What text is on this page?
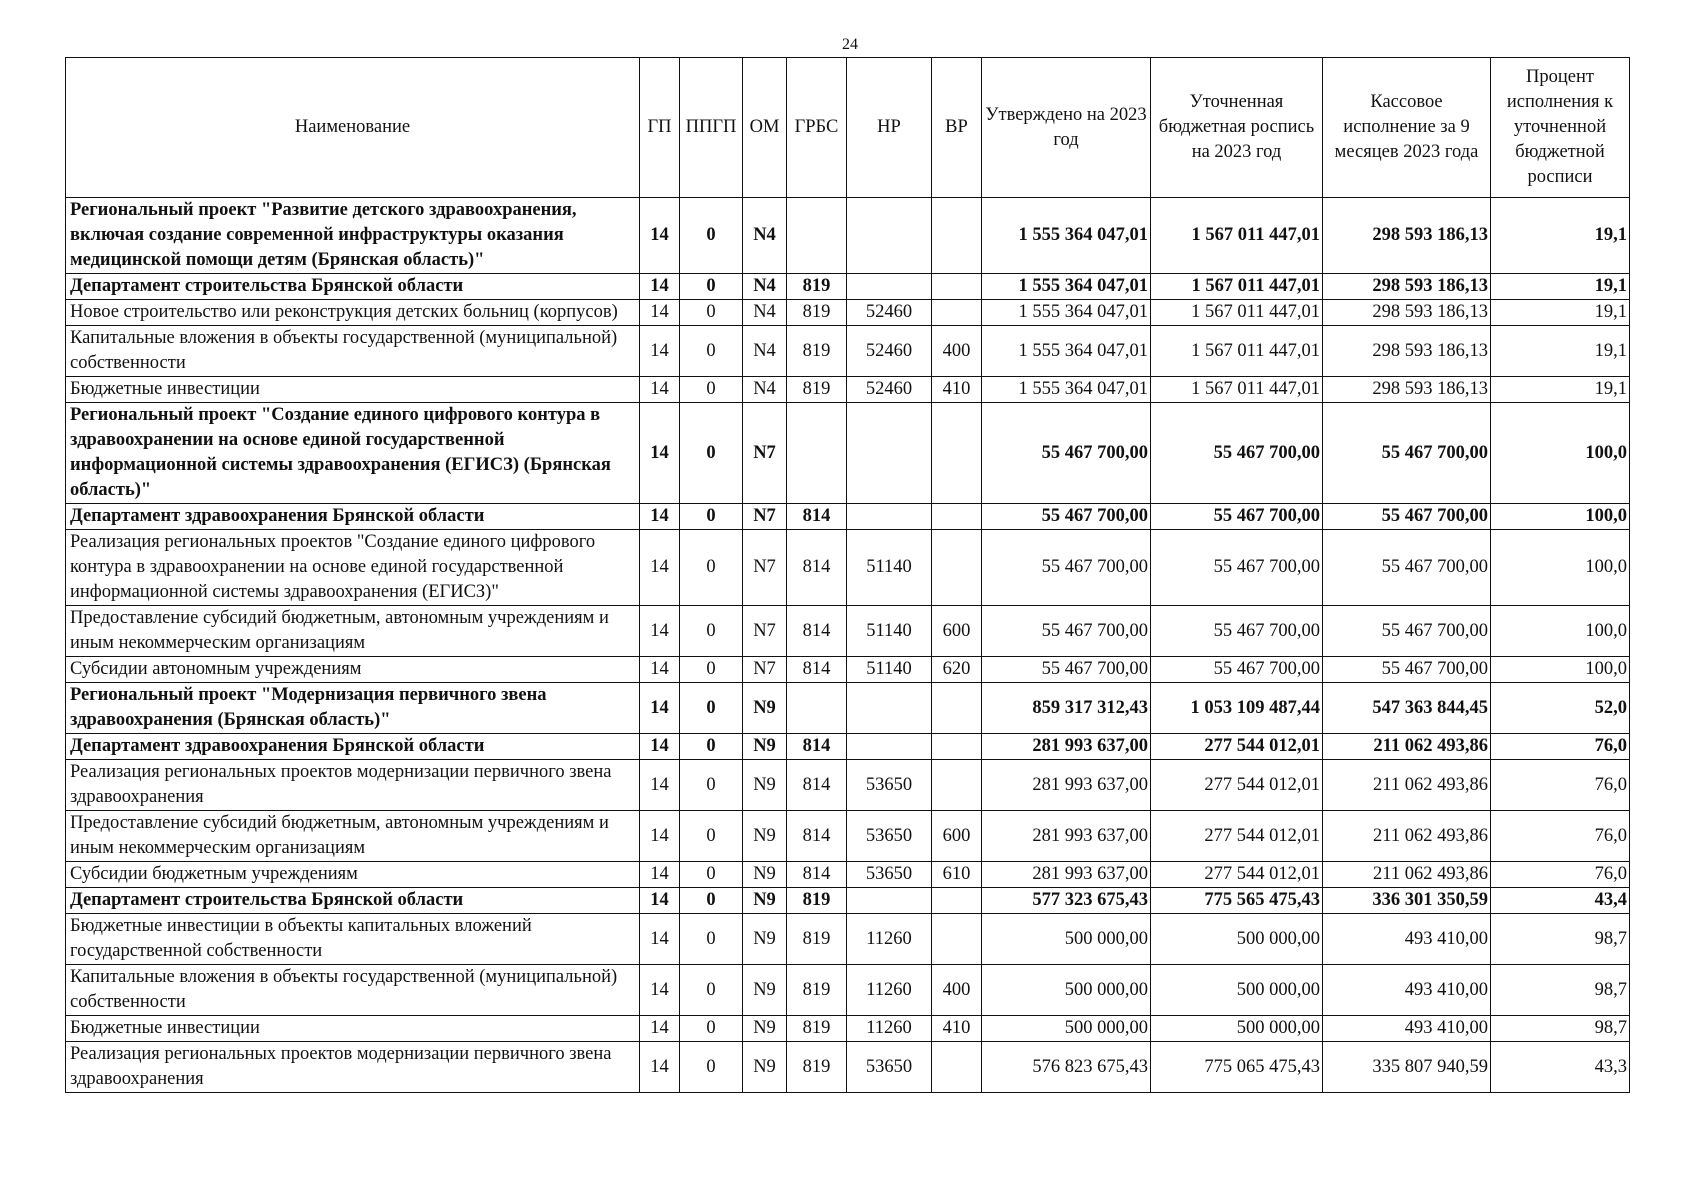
24
Наименование	ГП	ППГП	ОМ	ГРБС	НР	ВР	Утверждено на 2023 год	Уточненная бюджетная роспись на 2023 год	Кассовое исполнение за 9 месяцев 2023 года	Процент исполнения к уточненной бюджетной росписи
Региональный проект "Развитие детского здравоохранения, включая создание современной инфраструктуры оказания медицинской помощи детям (Брянская область)"	14	0	N4				1 555 364 047,01	1 567 011 447,01	298 593 186,13	19,1
Департамент строительства Брянской области	14	0	N4	819			1 555 364 047,01	1 567 011 447,01	298 593 186,13	19,1
Новое строительство или реконструкция детских больниц (корпусов)	14	0	N4	819	52460		1 555 364 047,01	1 567 011 447,01	298 593 186,13	19,1
Капитальные вложения в объекты государственной (муниципальной) собственности	14	0	N4	819	52460	400	1 555 364 047,01	1 567 011 447,01	298 593 186,13	19,1
Бюджетные инвестиции	14	0	N4	819	52460	410	1 555 364 047,01	1 567 011 447,01	298 593 186,13	19,1
Региональный проект "Создание единого цифрового контура в здравоохранении на основе единой государственной информационной системы здравоохранения (ЕГИСЗ) (Брянская область)"	14	0	N7				55 467 700,00	55 467 700,00	55 467 700,00	100,0
Департамент здравоохранения Брянской области	14	0	N7	814			55 467 700,00	55 467 700,00	55 467 700,00	100,0
Реализация региональных проектов "Создание единого цифрового контура в здравоохранении на основе единой государственной информационной системы здравоохранения (ЕГИСЗ)"	14	0	N7	814	51140		55 467 700,00	55 467 700,00	55 467 700,00	100,0
Предоставление субсидий бюджетным, автономным учреждениям и иным некоммерческим организациям	14	0	N7	814	51140	600	55 467 700,00	55 467 700,00	55 467 700,00	100,0
Субсидии автономным учреждениям	14	0	N7	814	51140	620	55 467 700,00	55 467 700,00	55 467 700,00	100,0
Региональный проект "Модернизация первичного звена здравоохранения (Брянская область)"	14	0	N9				859 317 312,43	1 053 109 487,44	547 363 844,45	52,0
Департамент здравоохранения Брянской области	14	0	N9	814			281 993 637,00	277 544 012,01	211 062 493,86	76,0
Реализация региональных проектов модернизации первичного звена здравоохранения	14	0	N9	814	53650		281 993 637,00	277 544 012,01	211 062 493,86	76,0
Предоставление субсидий бюджетным, автономным учреждениям и иным некоммерческим организациям	14	0	N9	814	53650	600	281 993 637,00	277 544 012,01	211 062 493,86	76,0
Субсидии бюджетным учреждениям	14	0	N9	814	53650	610	281 993 637,00	277 544 012,01	211 062 493,86	76,0
Департамент строительства Брянской области	14	0	N9	819			577 323 675,43	775 565 475,43	336 301 350,59	43,4
Бюджетные инвестиции в объекты капитальных вложений государственной собственности	14	0	N9	819	11260		500 000,00	500 000,00	493 410,00	98,7
Капитальные вложения в объекты государственной (муниципальной) собственности	14	0	N9	819	11260	400	500 000,00	500 000,00	493 410,00	98,7
Бюджетные инвестиции	14	0	N9	819	11260	410	500 000,00	500 000,00	493 410,00	98,7
Реализация региональных проектов модернизации первичного звена здравоохранения	14	0	N9	819	53650		576 823 675,43	775 065 475,43	335 807 940,59	43,3
